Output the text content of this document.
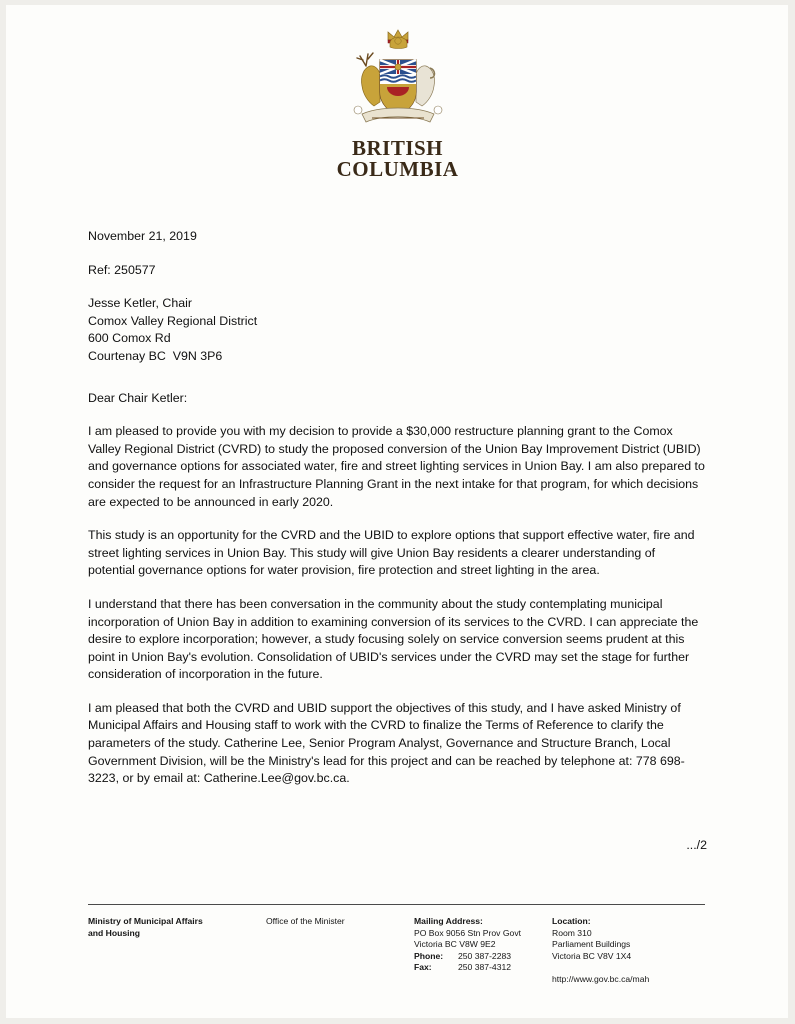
BRITISH
COLUMBIA

November 21, 2019

Ref: 250577

Jesse Ketler, Chair
Comox Valley Regional District
600 Comox Rd
Courtenay BC  V9N 3P6

Dear Chair Ketler:

I am pleased to provide you with my decision to provide a $30,000 restructure planning grant to the Comox Valley Regional District (CVRD) to study the proposed conversion of the Union Bay Improvement District (UBID) and governance options for associated water, fire and street lighting services in Union Bay. I am also prepared to consider the request for an Infrastructure Planning Grant in the next intake for that program, for which decisions are expected to be announced in early 2020.

This study is an opportunity for the CVRD and the UBID to explore options that support effective water, fire and street lighting services in Union Bay. This study will give Union Bay residents a clearer understanding of potential governance options for water provision, fire protection and street lighting in the area.

I understand that there has been conversation in the community about the study contemplating municipal incorporation of Union Bay in addition to examining conversion of its services to the CVRD. I can appreciate the desire to explore incorporation; however, a study focusing solely on service conversion seems prudent at this point in Union Bay's evolution. Consolidation of UBID's services under the CVRD may set the stage for further consideration of incorporation in the future.

I am pleased that both the CVRD and UBID support the objectives of this study, and I have asked Ministry of Municipal Affairs and Housing staff to work with the CVRD to finalize the Terms of Reference to clarify the parameters of the study. Catherine Lee, Senior Program Analyst, Governance and Structure Branch, Local Government Division, will be the Ministry's lead for this project and can be reached by telephone at: 778 698-3223, or by email at: Catherine.Lee@gov.bc.ca.

.../2
Ministry of Municipal Affairs
and Housing
Office of the Minister	Mailing Address:
PO Box 9056 Stn Prov Govt
Victoria BC V8W 9E2
Phone:	250 387-2283
Fax:	250 387-4312
Location:
Room 310
Parliament Buildings
Victoria BC V8V 1X4
http://www.gov.bc.ca/mah
